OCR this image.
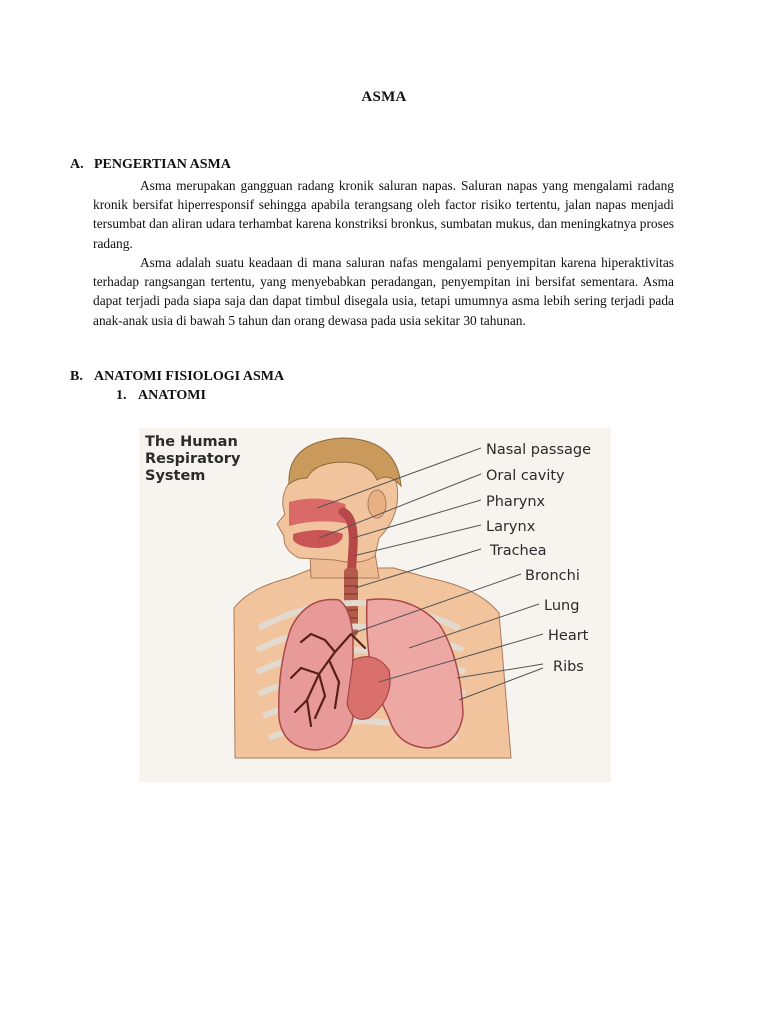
ASMA
A. PENGERTIAN ASMA

Asma merupakan gangguan radang kronik saluran napas. Saluran napas yang mengalami radang kronik bersifat hiperresponsif sehingga apabila terangsang oleh factor risiko tertentu, jalan napas menjadi tersumbat dan aliran udara terhambat karena konstriksi bronkus, sumbatan mukus, dan meningkatnya proses radang.

Asma adalah suatu keadaan di mana saluran nafas mengalami penyempitan karena hiperaktivitas terhadap rangsangan tertentu, yang menyebabkan peradangan, penyempitan ini bersifat sementara. Asma dapat terjadi pada siapa saja dan dapat timbul disegala usia, tetapi umumnya asma lebih sering terjadi pada anak-anak usia di bawah 5 tahun dan orang dewasa pada usia sekitar 30 tahunan.

B. ANATOMI FISIOLOGI ASMA
1. ANATOMI
The Human
Respiratory
System
Nasal passage
Oral cavity
Pharynx
Larynx
Trachea
Bronchi
Lung
Heart
Ribs
